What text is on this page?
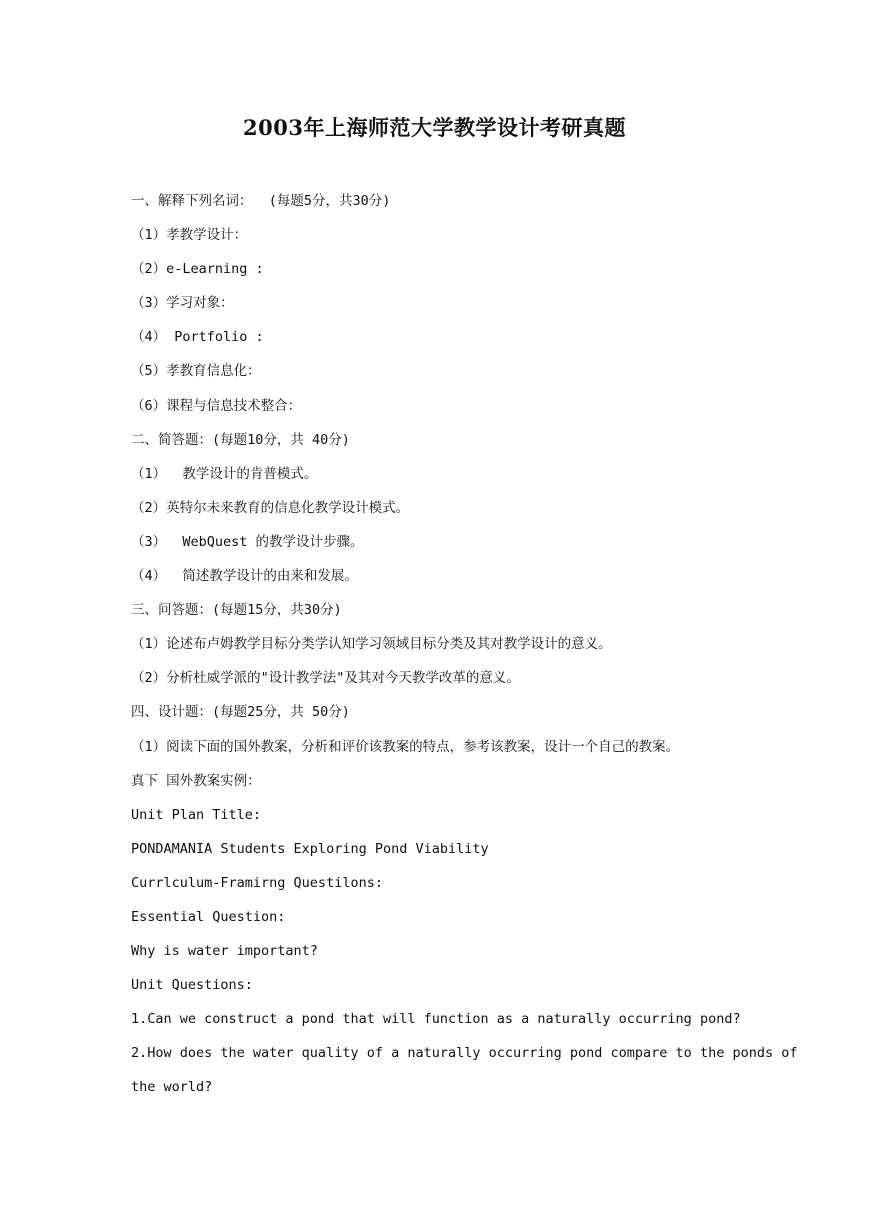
2003年上海师范大学教学设计考研真题
一、解释下列名词：  (每题5分，共30分)
（1）孝教学设计：
（2）e-Learning :
（3）学习对象：
（4） Portfolio :
（5）孝教育信息化：
（6）课程与信息技术整合：
二、简答题：(每题10分，共 40分)
（1）  教学设计的肯普模式。
（2）英特尔未来教育的信息化教学设计模式。
（3）  WebQuest 的教学设计步骤。
（4）  简述教学设计的由来和发展。
三、问答题：(每题15分，共30分)
（1）论述布卢姆教学目标分类学认知学习领域目标分类及其对教学设计的意义。
（2）分析杜威学派的"设计教学法"及其对今天教学改革的意义。
四、设计题：(每题25分，共 50分)
（1）阅读下面的国外教案，分析和评价该教案的特点，参考该教案，设计一个自己的教案。
真下 国外教案实例：
Unit Plan Title:
PONDAMANIA Students Exploring Pond Viability
Currlculum-Framirng Questilons:
Essential Question:
Why is water important?
Unit Questions:
1.Can we construct a pond that will function as a naturally occurring pond?
2.How does the water quality of a naturally occurring pond compare to the ponds of
the world?
